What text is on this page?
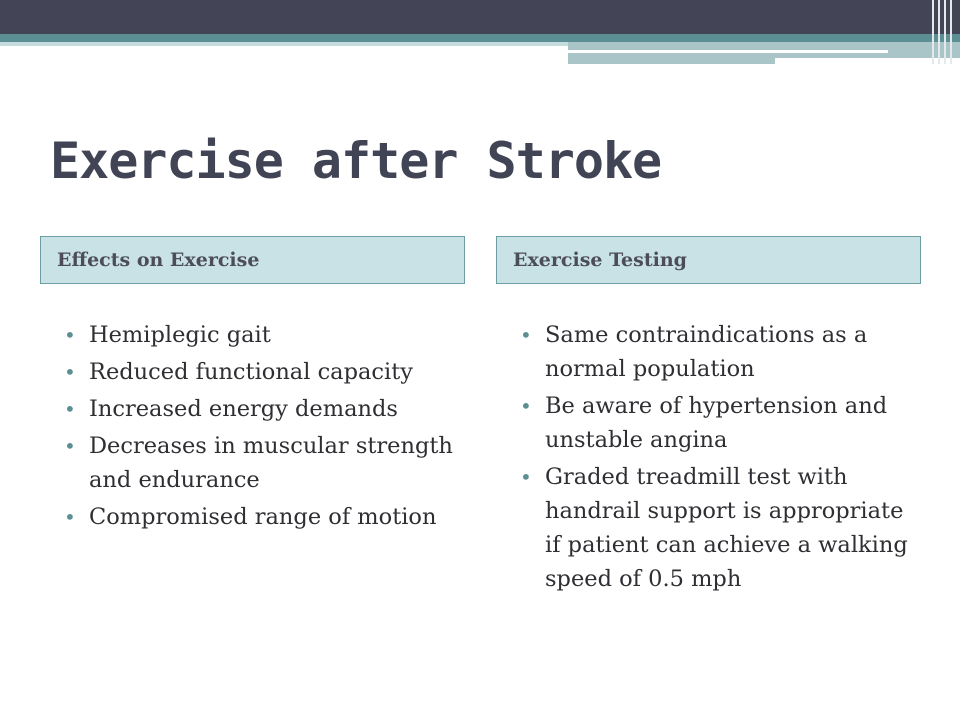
Exercise after Stroke
Effects on Exercise
• Hemiplegic gait
• Reduced functional capacity
• Increased energy demands
• Decreases in muscular strength and endurance
• Compromised range of motion
Exercise Testing
• Same contraindications as a normal population
• Be aware of hypertension and unstable angina
• Graded treadmill test with handrail support is appropriate if patient can achieve a walking speed of 0.5 mph
